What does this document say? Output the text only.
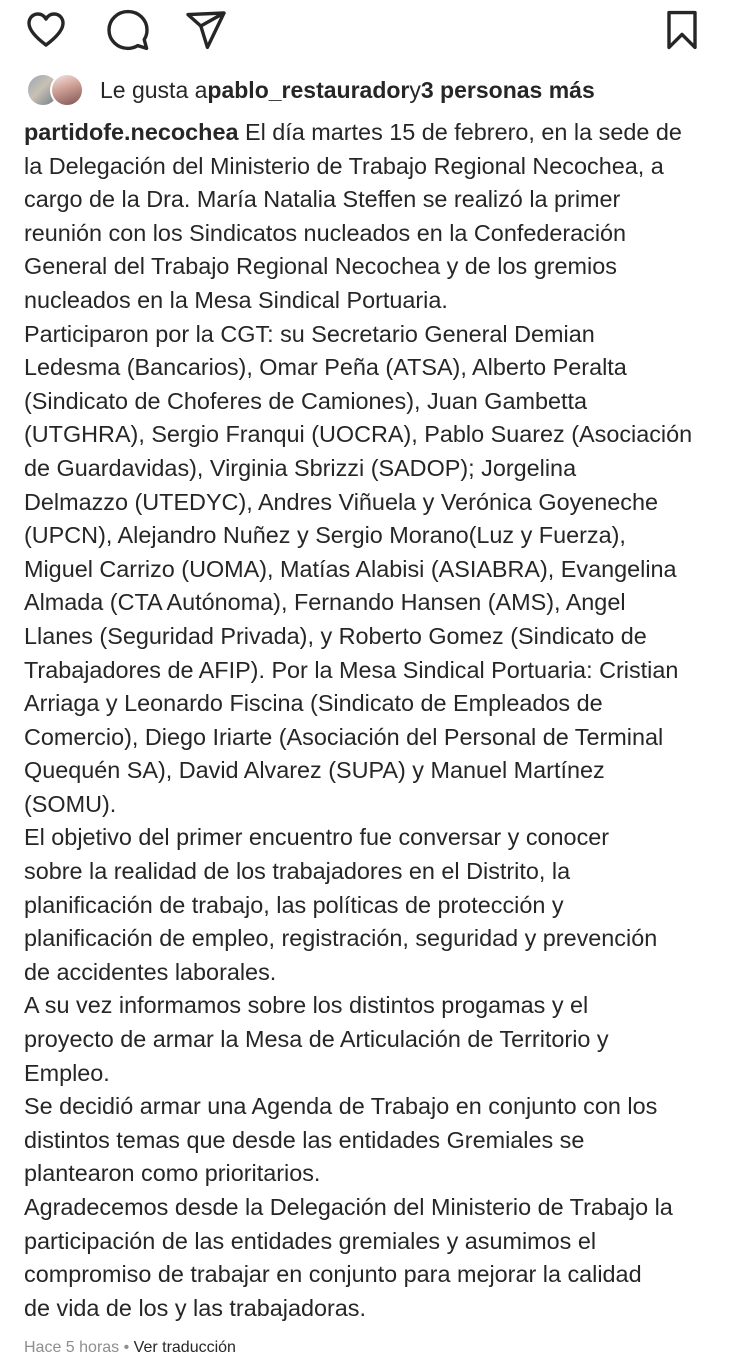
Le gusta a pablo_restaurador y 3 personas más
partidofe.necochea El día martes 15 de febrero, en la sede de
la Delegación del Ministerio de Trabajo Regional Necochea, a
cargo de la Dra. María Natalia Steffen se realizó la primer
reunión con los Sindicatos nucleados en la Confederación
General del Trabajo Regional Necochea y de los gremios
nucleados en la Mesa Sindical Portuaria.
Participaron por la CGT: su Secretario General Demian
Ledesma (Bancarios), Omar Peña (ATSA), Alberto Peralta
(Sindicato de Choferes de Camiones), Juan Gambetta
(UTGHRA), Sergio Franqui (UOCRA), Pablo Suarez (Asociación
de Guardavidas), Virginia Sbrizzi (SADOP); Jorgelina
Delmazzo (UTEDYC), Andres Viñuela y Verónica Goyeneche
(UPCN), Alejandro Nuñez y Sergio Morano(Luz y Fuerza),
Miguel Carrizo (UOMA), Matías Alabisi (ASIABRA), Evangelina
Almada (CTA Autónoma), Fernando Hansen (AMS), Angel
Llanes (Seguridad Privada), y Roberto Gomez (Sindicato de
Trabajadores de AFIP). Por la Mesa Sindical Portuaria: Cristian
Arriaga y Leonardo Fiscina (Sindicato de Empleados de
Comercio), Diego Iriarte (Asociación del Personal de Terminal
Quequén SA), David Alvarez (SUPA) y Manuel Martínez
(SOMU).
El objetivo del primer encuentro fue conversar y conocer
sobre la realidad de los trabajadores en el Distrito, la
planificación de trabajo, las políticas de protección y
planificación de empleo, registración, seguridad y prevención
de accidentes laborales.
A su vez informamos sobre los distintos progamas y el
proyecto de armar la Mesa de Articulación de Territorio y
Empleo.
Se decidió armar una Agenda de Trabajo en conjunto con los
distintos temas que desde las entidades Gremiales se
plantearon como prioritarios.
Agradecemos desde la Delegación del Ministerio de Trabajo la
participación de las entidades gremiales y asumimos el
compromiso de trabajar en conjunto para mejorar la calidad
de vida de los y las trabajadoras.
Hace 5 horas • Ver traducción
